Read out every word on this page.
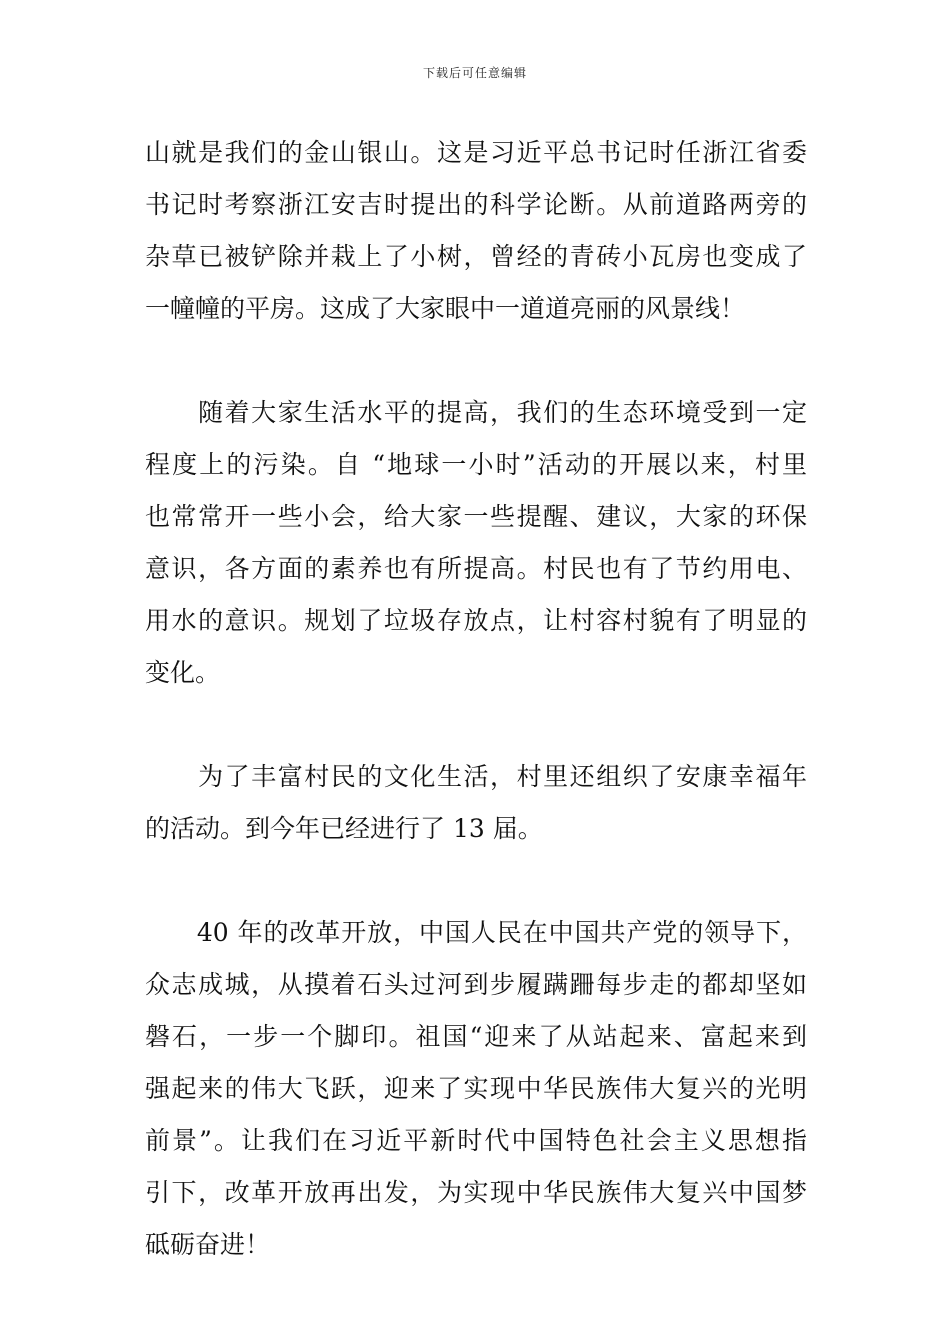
下载后可任意编辑
山就是我们的金山银山。这是习近平总书记时任浙江省委
书记时考察浙江安吉时提出的科学论断。从前道路两旁的
杂草已被铲除并栽上了小树，曾经的青砖小瓦房也变成了
一幢幢的平房。这成了大家眼中一道道亮丽的风景线！
　　随着大家生活水平的提高，我们的生态环境受到一定
程度上的污染。自 “地球一小时”活动的开展以来，村里
也常常开一些小会，给大家一些提醒、建议，大家的环保
意识，各方面的素养也有所提高。村民也有了节约用电、
用水的意识。规划了垃圾存放点，让村容村貌有了明显的
变化。
　　为了丰富村民的文化生活，村里还组织了安康幸福年
的活动。到今年已经进行了 13 届。
　　40 年的改革开放，中国人民在中国共产党的领导下，
众志成城，从摸着石头过河到步履蹒跚每步走的都却坚如
磐石，一步一个脚印。祖国“迎来了从站起来、富起来到
强起来的伟大飞跃，迎来了实现中华民族伟大复兴的光明
前景”。让我们在习近平新时代中国特色社会主义思想指
引下，改革开放再出发，为实现中华民族伟大复兴中国梦
砥砺奋进！
